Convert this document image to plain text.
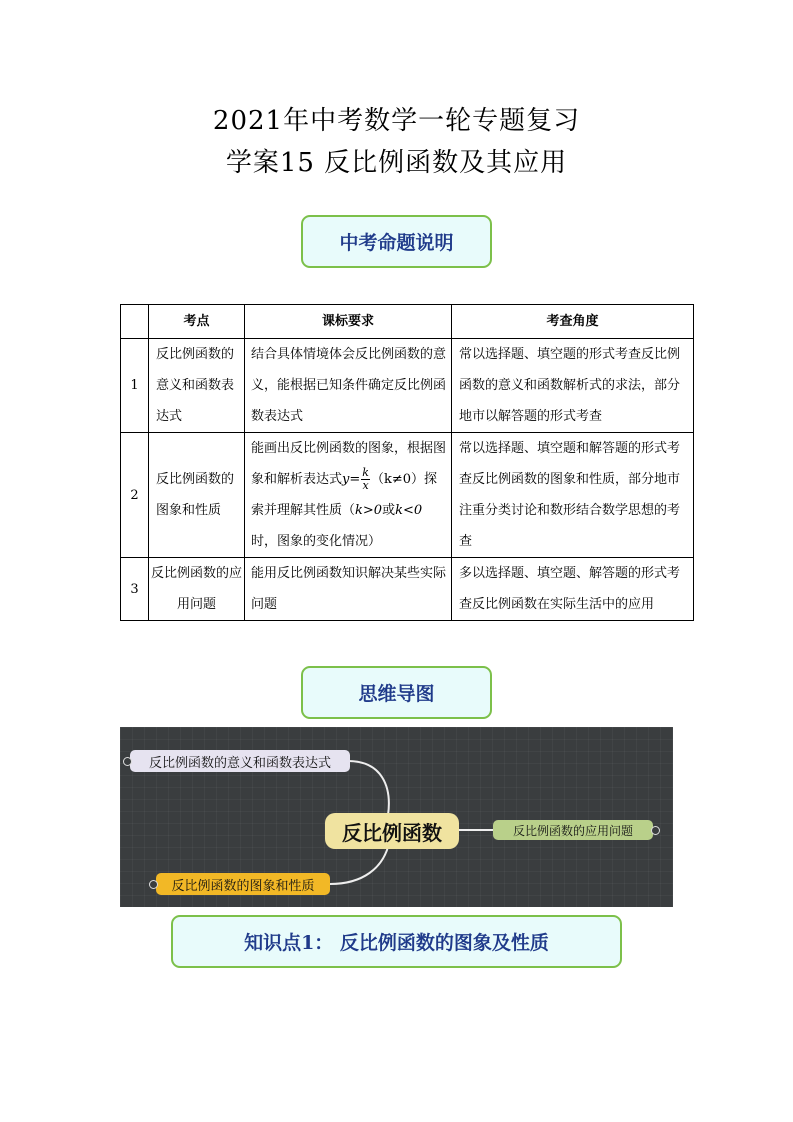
2021年中考数学一轮专题复习
学案15 反比例函数及其应用
中考命题说明
	考点	课标要求	考查角度
1	反比例函数的意义和函数表达式	结合具体情境体会反比例函数的意义，能根据已知条件确定反比例函数表达式	常以选择题、填空题的形式考查反比例函数的意义和函数解析式的求法，部分地市以解答题的形式考查
2	反比例函数的图象和性质	能画出反比例函数的图象，根据图象和解析表达式$y= \frac{k}{x} (k\ne 0)$探索并理解其性质（k>0或k<0时，图象的变化情况）	常以选择题、填空题和解答题的形式考查反比例函数的图象和性质，部分地市注重分类讨论和数形结合数学思想的考查
3	反比例函数的应用问题	能用反比例函数知识解决某些实际问题	多以选择题、填空题、解答题的形式考查反比例函数在实际生活中的应用
思维导图
反比例函数的意义和函数表达式
反比例函数
反比例函数的图象和性质
反比例函数的应用问题
知识点1： 反比例函数的图象及性质
